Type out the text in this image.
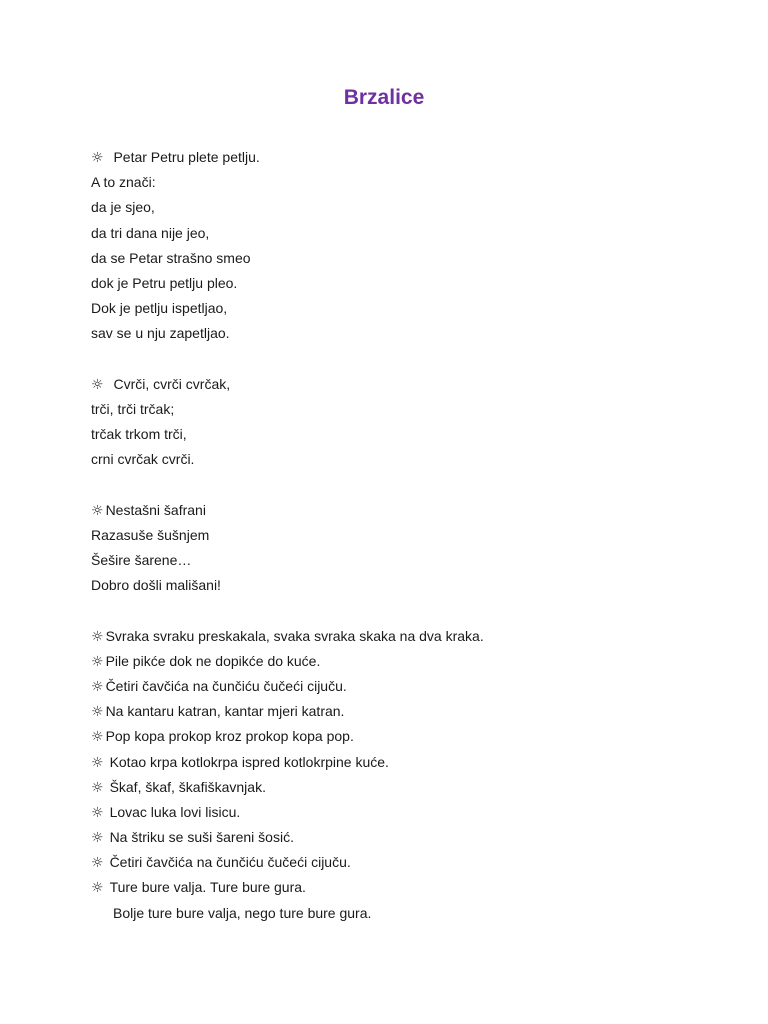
Brzalice
☼ Petar Petru plete petlju.
A to znači:
da je sjeo,
da tri dana nije jeo,
da se Petar strašno smeo
dok je Petru petlju pleo.
Dok je petlju ispetljao,
sav se u nju zapetljao.
☼ Cvrči, cvrči cvrčak,
trči, trči trčak;
trčak trkom trči,
crni cvrčak cvrči.
☼ Nestašni šafrani
Razasuše šušnjem
Šešire šarene…
Dobro došli mališani!
☼ Svraka svraku preskakala, svaka svraka skaka na dva kraka.
☼ Pile pikće dok ne dopikće do kuće.
☼ Četiri čavčića na čunčiću čučeći cijuču.
☼ Na kantaru katran, kantar mjeri katran.
☼ Pop kopa prokop kroz prokop kopa pop.
☼ Kotao krpa kotlokrpa ispred kotlokrpine kuće.
☼ Škaf, škaf, škafiškavnjak.
☼ Lovac luka lovi lisicu.
☼ Na štriku se suši šareni šosić.
☼ Četiri čavčića na čunčiću čučeći cijuču.
☼ Ture bure valja. Ture bure gura.
Bolje ture bure valja, nego ture bure gura.
